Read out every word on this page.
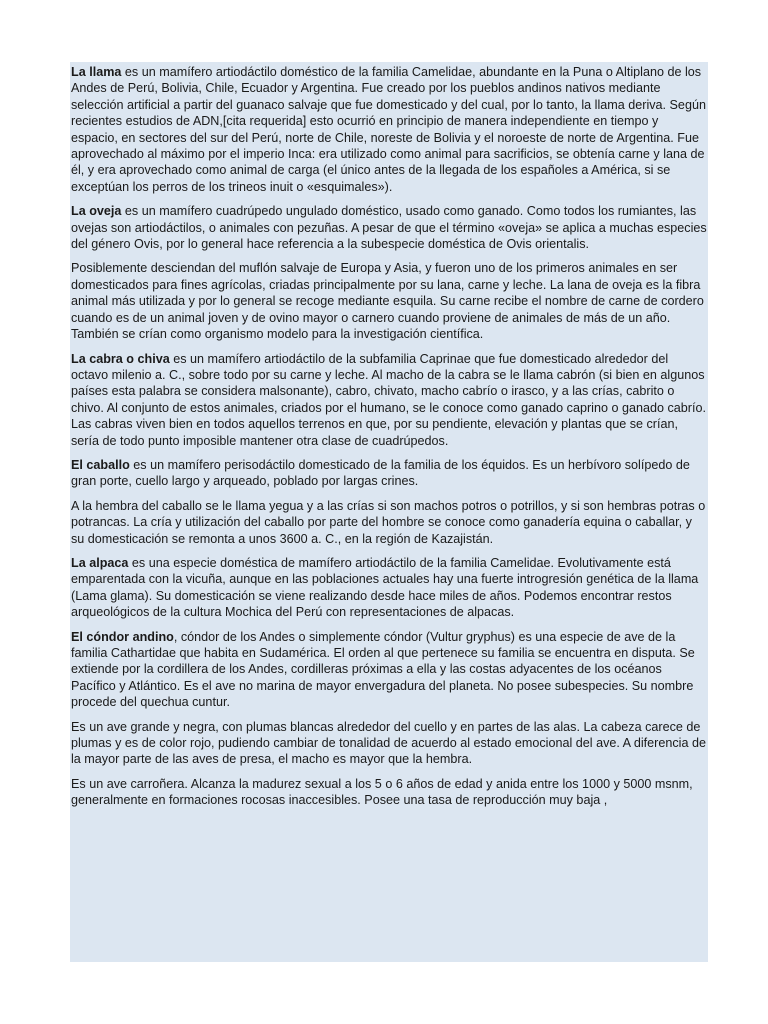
La llama es un mamífero artiodáctilo doméstico de la familia Camelidae, abundante en la Puna o Altiplano de los Andes de Perú, Bolivia, Chile, Ecuador y Argentina. Fue creado por los pueblos andinos nativos mediante selección artificial a partir del guanaco salvaje que fue domesticado y del cual, por lo tanto, la llama deriva. Según recientes estudios de ADN,[cita requerida] esto ocurrió en principio de manera independiente en tiempo y espacio, en sectores del sur del Perú, norte de Chile, noreste de Bolivia y el noroeste de norte de Argentina. Fue aprovechado al máximo por el imperio Inca: era utilizado como animal para sacrificios, se obtenía carne y lana de él, y era aprovechado como animal de carga (el único antes de la llegada de los españoles a América, si se exceptúan los perros de los trineos inuit o «esquimales»).

La oveja es un mamífero cuadrúpedo ungulado doméstico, usado como ganado. Como todos los rumiantes, las ovejas son artiodáctilos, o animales con pezuñas. A pesar de que el término «oveja» se aplica a muchas especies del género Ovis, por lo general hace referencia a la subespecie doméstica de Ovis orientalis.

Posiblemente desciendan del muflón salvaje de Europa y Asia, y fueron uno de los primeros animales en ser domesticados para fines agrícolas, criadas principalmente por su lana, carne y leche. La lana de oveja es la fibra animal más utilizada y por lo general se recoge mediante esquila. Su carne recibe el nombre de carne de cordero cuando es de un animal joven y de ovino mayor o carnero cuando proviene de animales de más de un año. También se crían como organismo modelo para la investigación científica.

La cabra o chiva es un mamífero artiodáctilo de la subfamilia Caprinae que fue domesticado alrededor del octavo milenio a. C., sobre todo por su carne y leche. Al macho de la cabra se le llama cabrón (si bien en algunos países esta palabra se considera malsonante), cabro, chivato, macho cabrío o irasco, y a las crías, cabrito o chivo. Al conjunto de estos animales, criados por el humano, se le conoce como ganado caprino o ganado cabrío. Las cabras viven bien en todos aquellos terrenos en que, por su pendiente, elevación y plantas que se crían, sería de todo punto imposible mantener otra clase de cuadrúpedos.

El caballo es un mamífero perisodáctilo domesticado de la familia de los équidos. Es un herbívoro solípedo de gran porte, cuello largo y arqueado, poblado por largas crines.

A la hembra del caballo se le llama yegua y a las crías si son machos potros o potrillos, y si son hembras potras o potrancas. La cría y utilización del caballo por parte del hombre se conoce como ganadería equina o caballar, y su domesticación se remonta a unos 3600 a. C., en la región de Kazajistán.

La alpaca es una especie doméstica de mamífero artiodáctilo de la familia Camelidae. Evolutivamente está emparentada con la vicuña, aunque en las poblaciones actuales hay una fuerte introgresión genética de la llama (Lama glama). Su domesticación se viene realizando desde hace miles de años. Podemos encontrar restos arqueológicos de la cultura Mochica del Perú con representaciones de alpacas.

El cóndor andino, cóndor de los Andes o simplemente cóndor (Vultur gryphus) es una especie de ave de la familia Cathartidae que habita en Sudamérica. El orden al que pertenece su familia se encuentra en disputa. Se extiende por la cordillera de los Andes, cordilleras próximas a ella y las costas adyacentes de los océanos Pacífico y Atlántico. Es el ave no marina de mayor envergadura del planeta. No posee subespecies. Su nombre procede del quechua cuntur.

Es un ave grande y negra, con plumas blancas alrededor del cuello y en partes de las alas. La cabeza carece de plumas y es de color rojo, pudiendo cambiar de tonalidad de acuerdo al estado emocional del ave. A diferencia de la mayor parte de las aves de presa, el macho es mayor que la hembra.

Es un ave carroñera. Alcanza la madurez sexual a los 5 o 6 años de edad y anida entre los 1000 y 5000 msnm, generalmente en formaciones rocosas inaccesibles. Posee una tasa de reproducción muy baja ,
